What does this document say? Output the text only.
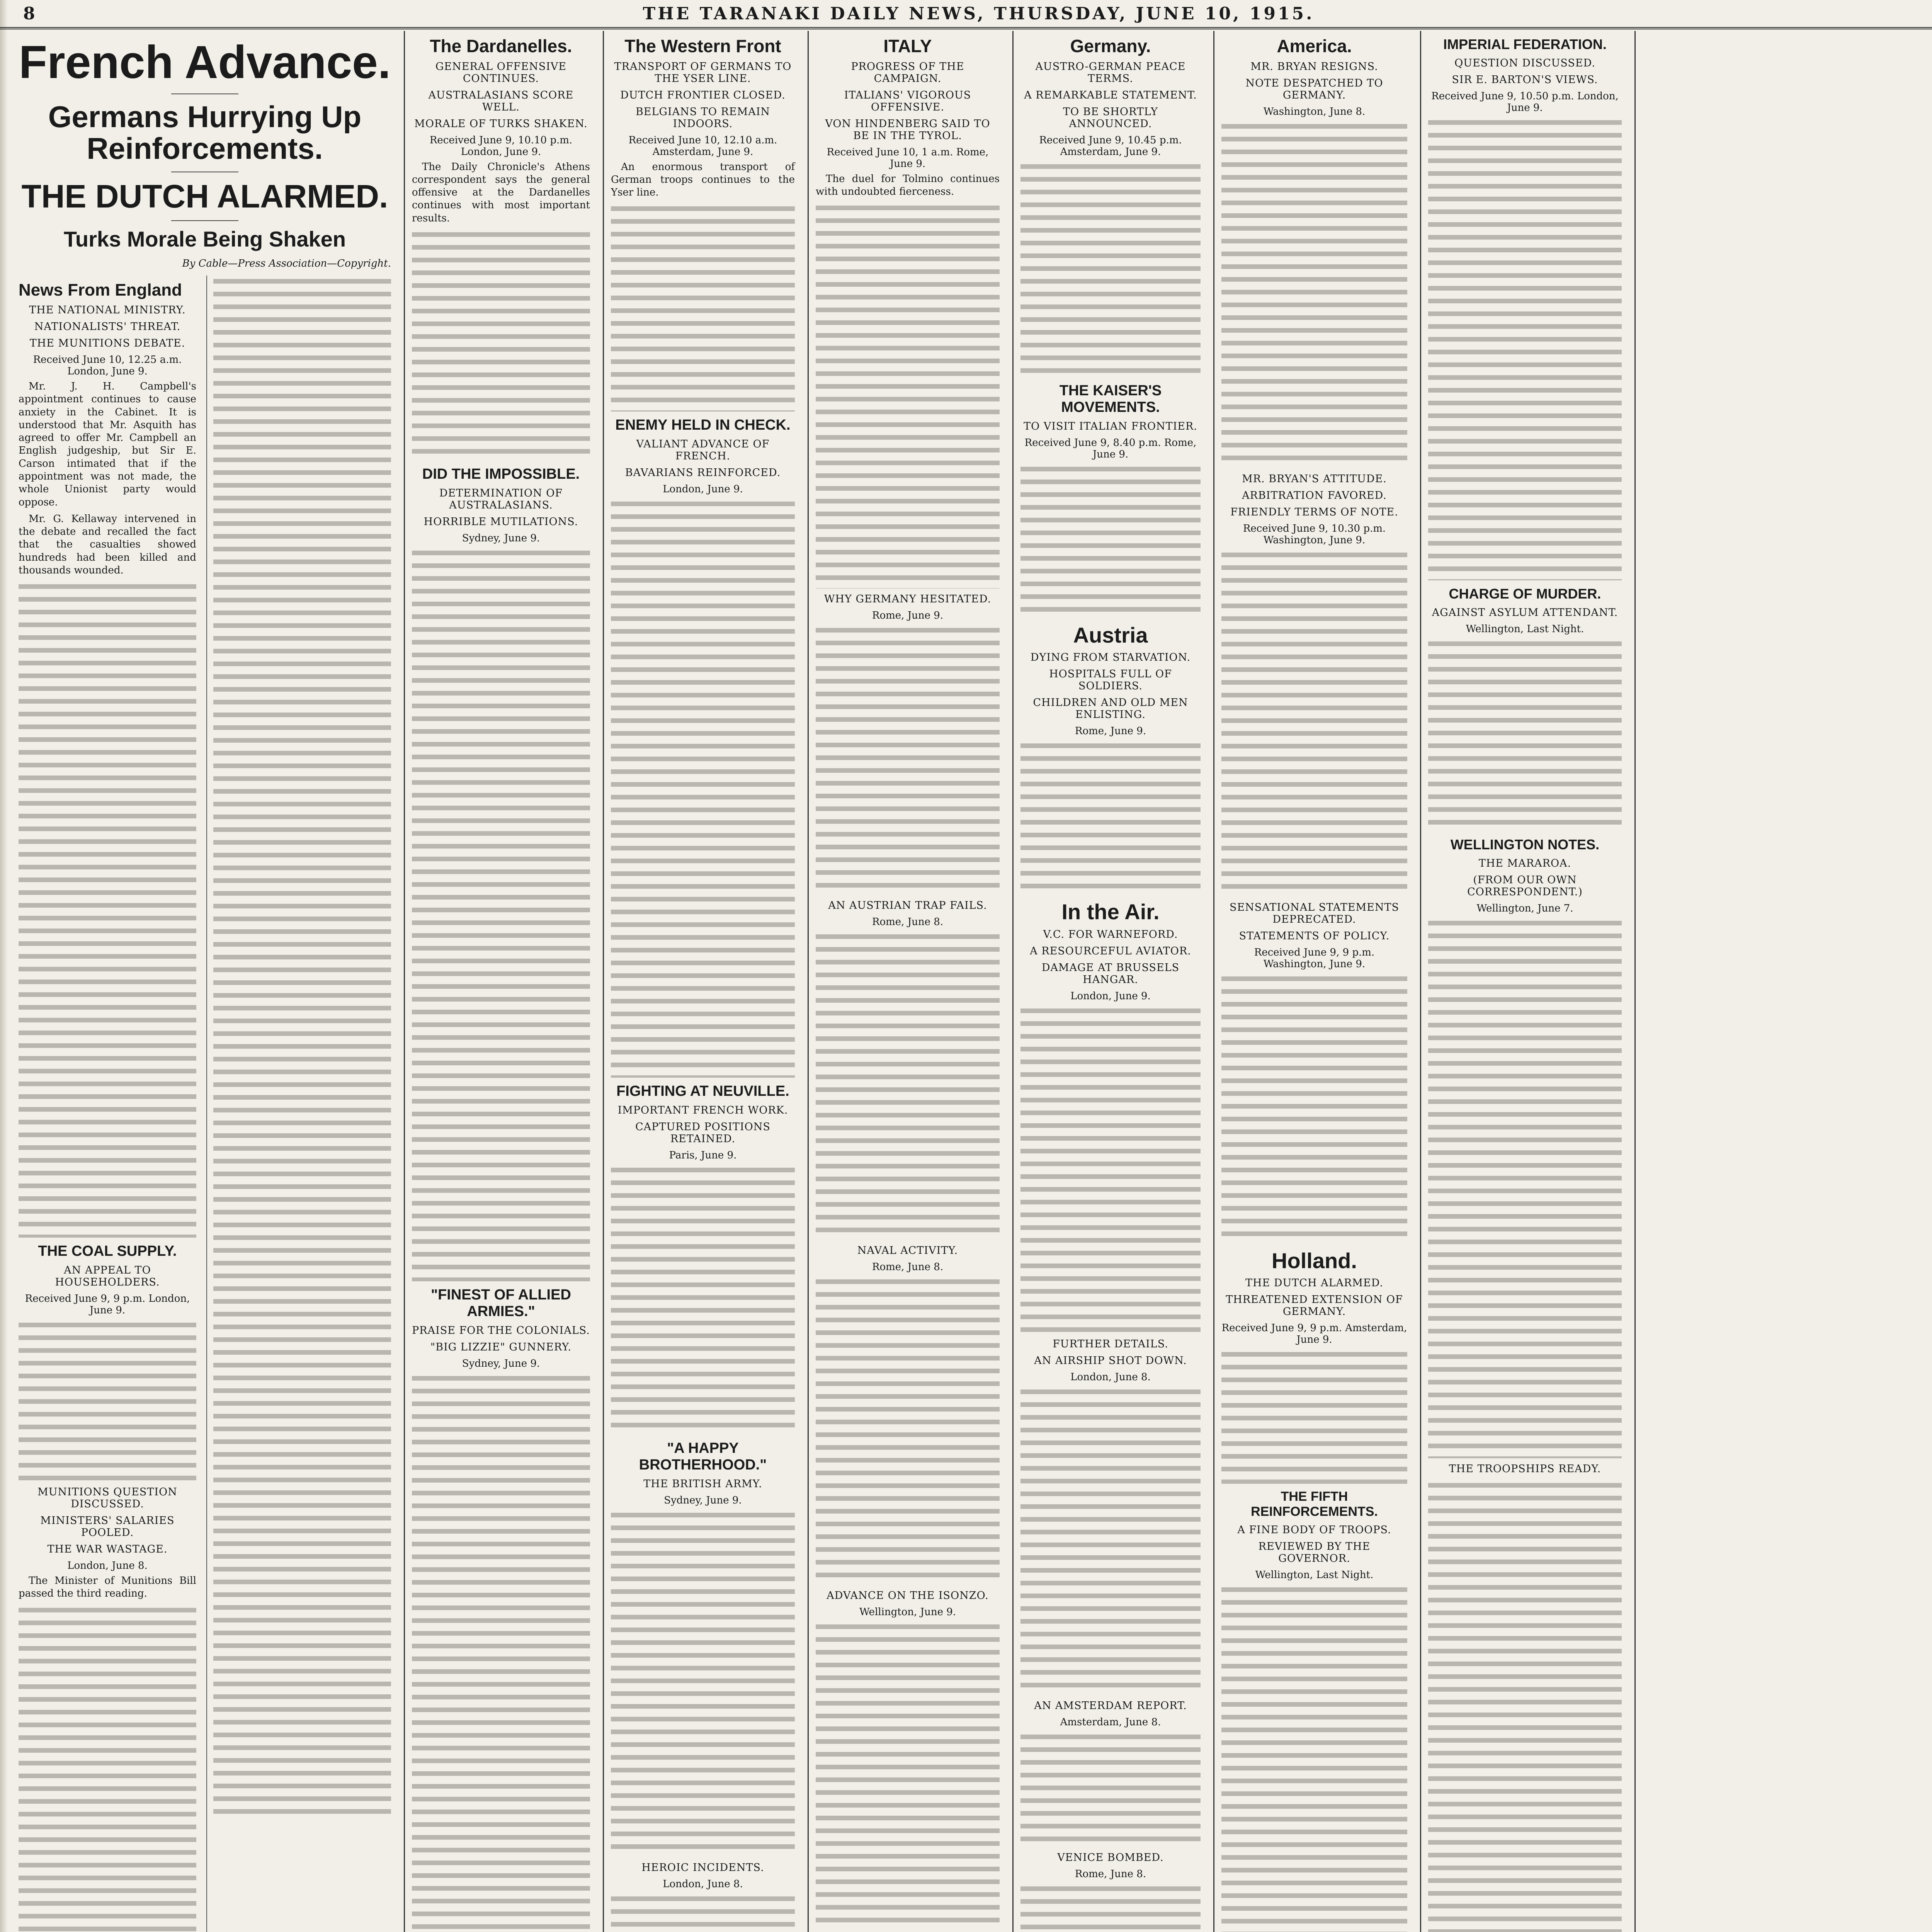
8	THE TARANAKI DAILY NEWS, THURSDAY, JUNE 10, 1915.
French Advance.
Germans Hurrying Up Reinforcements.
THE DUTCH ALARMED.
Turks Morale Being Shaken
By Cable—Press Association—Copyright.
News From England
THE NATIONAL MINISTRY.
NATIONALISTS' THREAT.
THE MUNITIONS DEBATE.
Received June 10, 12.25 a.m. London, June 9.

Mr. J. H. Campbell's appointment continues to cause anxiety in the Cabinet. It is understood that Mr. Asquith has agreed to offer Mr. Campbell an English judgeship, but Sir E. Carson intimated that if the appointment was not made, the whole Unionist party would oppose.

Mr. G. Kellaway intervened in the debate and recalled the fact that the casualties showed hundreds had been killed and thousands wounded.

THE COAL SUPPLY.
AN APPEAL TO HOUSEHOLDERS.
Received June 9, 9 p.m. London, June 9.
MUNITIONS QUESTION DISCUSSED.
MINISTERS' SALARIES POOLED.
THE WAR WASTAGE.
London, June 8.

The Minister of Munitions Bill passed the third reading.

The Dardanelles.
GENERAL OFFENSIVE CONTINUES.
AUSTRALASIANS SCORE WELL.
MORALE OF TURKS SHAKEN.
Received June 9, 10.10 p.m. London, June 9.

The Daily Chronicle's Athens correspondent says the general offensive at the Dardanelles continues with most important results.

DID THE IMPOSSIBLE.
DETERMINATION OF AUSTRALASIANS.
HORRIBLE MUTILATIONS.
Sydney, June 9.
"FINEST OF ALLIED ARMIES."
PRAISE FOR THE COLONIALS.
"BIG LIZZIE" GUNNERY.
Sydney, June 9.
The Western Front
TRANSPORT OF GERMANS TO THE YSER LINE.
DUTCH FRONTIER CLOSED.
BELGIANS TO REMAIN INDOORS.
Received June 10, 12.10 a.m. Amsterdam, June 9.

An enormous transport of German troops continues to the Yser line.

ENEMY HELD IN CHECK.
VALIANT ADVANCE OF FRENCH.
BAVARIANS REINFORCED.
London, June 9.
FIGHTING AT NEUVILLE.
IMPORTANT FRENCH WORK.
CAPTURED POSITIONS RETAINED.
Paris, June 9.
"A HAPPY BROTHERHOOD."
THE BRITISH ARMY.
Sydney, June 9.
HEROIC INCIDENTS.
London, June 8.
ITALY
PROGRESS OF THE CAMPAIGN.
ITALIANS' VIGOROUS OFFENSIVE.
VON HINDENBERG SAID TO BE IN THE TYROL.
Received June 10, 1 a.m. Rome, June 9.

The duel for Tolmino continues with undoubted fierceness.

WHY GERMANY HESITATED.
Rome, June 9.
AN AUSTRIAN TRAP FAILS.
Rome, June 8.
NAVAL ACTIVITY.
Rome, June 8.
ADVANCE ON THE ISONZO.
Wellington, June 9.
Germany.
AUSTRO-GERMAN PEACE TERMS.
A REMARKABLE STATEMENT.
TO BE SHORTLY ANNOUNCED.
Received June 9, 10.45 p.m. Amsterdam, June 9.
THE KAISER'S MOVEMENTS.
TO VISIT ITALIAN FRONTIER.
Received June 9, 8.40 p.m. Rome, June 9.
Austria
DYING FROM STARVATION.
HOSPITALS FULL OF SOLDIERS.
CHILDREN AND OLD MEN ENLISTING.
Rome, June 9.
In the Air.
V.C. FOR WARNEFORD.
A RESOURCEFUL AVIATOR.
DAMAGE AT BRUSSELS HANGAR.
London, June 9.
FURTHER DETAILS.
AN AIRSHIP SHOT DOWN.
London, June 8.
AN AMSTERDAM REPORT.
Amsterdam, June 8.
VENICE BOMBED.
Rome, June 8.
America.
MR. BRYAN RESIGNS.
NOTE DESPATCHED TO GERMANY.
Washington, June 8.
MR. BRYAN'S ATTITUDE.
ARBITRATION FAVORED.
FRIENDLY TERMS OF NOTE.
Received June 9, 10.30 p.m. Washington, June 9.
SENSATIONAL STATEMENTS DEPRECATED.
STATEMENTS OF POLICY.
Received June 9, 9 p.m. Washington, June 9.
Holland.
THE DUTCH ALARMED.
THREATENED EXTENSION OF GERMANY.
Received June 9, 9 p.m. Amsterdam, June 9.
THE FIFTH REINFORCEMENTS.
A FINE BODY OF TROOPS.
REVIEWED BY THE GOVERNOR.
Wellington, Last Night.
IMPERIAL FEDERATION.
QUESTION DISCUSSED.
SIR E. BARTON'S VIEWS.
Received June 9, 10.50 p.m. London, June 9.
CHARGE OF MURDER.
AGAINST ASYLUM ATTENDANT.
Wellington, Last Night.
WELLINGTON NOTES.
THE MARAROA.
(FROM OUR OWN CORRESPONDENT.)
Wellington, June 7.
THE TROOPSHIPS READY.
